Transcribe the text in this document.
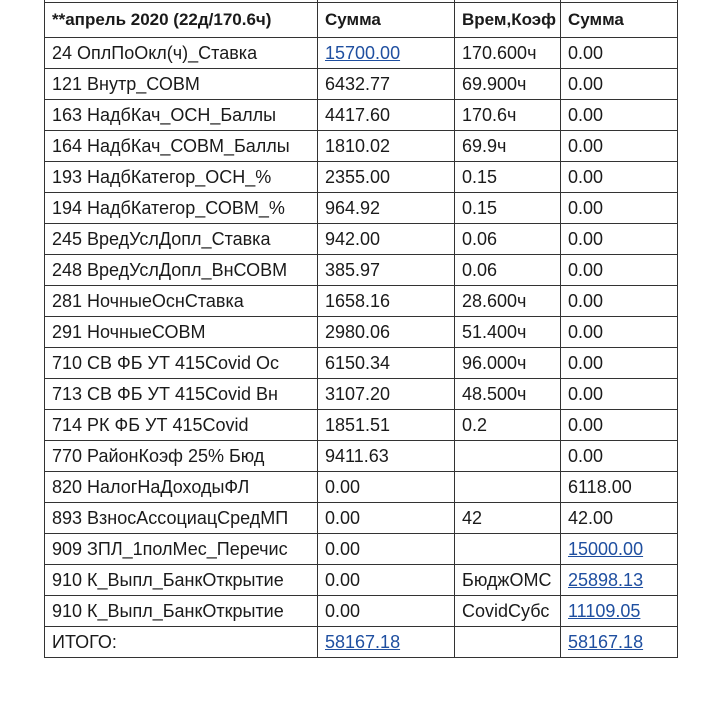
**апрель 2020 (22д/170.6ч)	Сумма	Врем,Коэф	Сумма
24 ОплПоОкл(ч)_Ставка	15700.00	170.600ч	0.00
121 Внутр_СОВМ	6432.77	69.900ч	0.00
163 НадбКач_ОСН_Баллы	4417.60	170.6ч	0.00
164 НадбКач_СОВМ_Баллы	1810.02	69.9ч	0.00
193 НадбКатегор_ОСН_%	2355.00	0.15	0.00
194 НадбКатегор_СОВМ_%	964.92	0.15	0.00
245 ВредУслДопл_Ставка	942.00	0.06	0.00
248 ВредУслДопл_ВнСОВМ	385.97	0.06	0.00
281 НочныеОснСтавка	1658.16	28.600ч	0.00
291 НочныеСОВМ	2980.06	51.400ч	0.00
710 СВ ФБ УТ 415Covid Ос	6150.34	96.000ч	0.00
713 СВ ФБ УТ 415Covid Вн	3107.20	48.500ч	0.00
714 РК ФБ УТ 415Covid	1851.51	0.2	0.00
770 РайонКоэф 25% Бюд	9411.63		0.00
820 НалогНаДоходыФЛ	0.00		6118.00
893 ВзносАссоциацСредМП	0.00	42	42.00
909 ЗПЛ_1полМес_Перечис	0.00		15000.00
910 К_Выпл_БанкОткрытие	0.00	БюджОМС	25898.13
910 К_Выпл_БанкОткрытие	0.00	CovidСубс	11109.05
ИТОГО:	58167.18		58167.18
